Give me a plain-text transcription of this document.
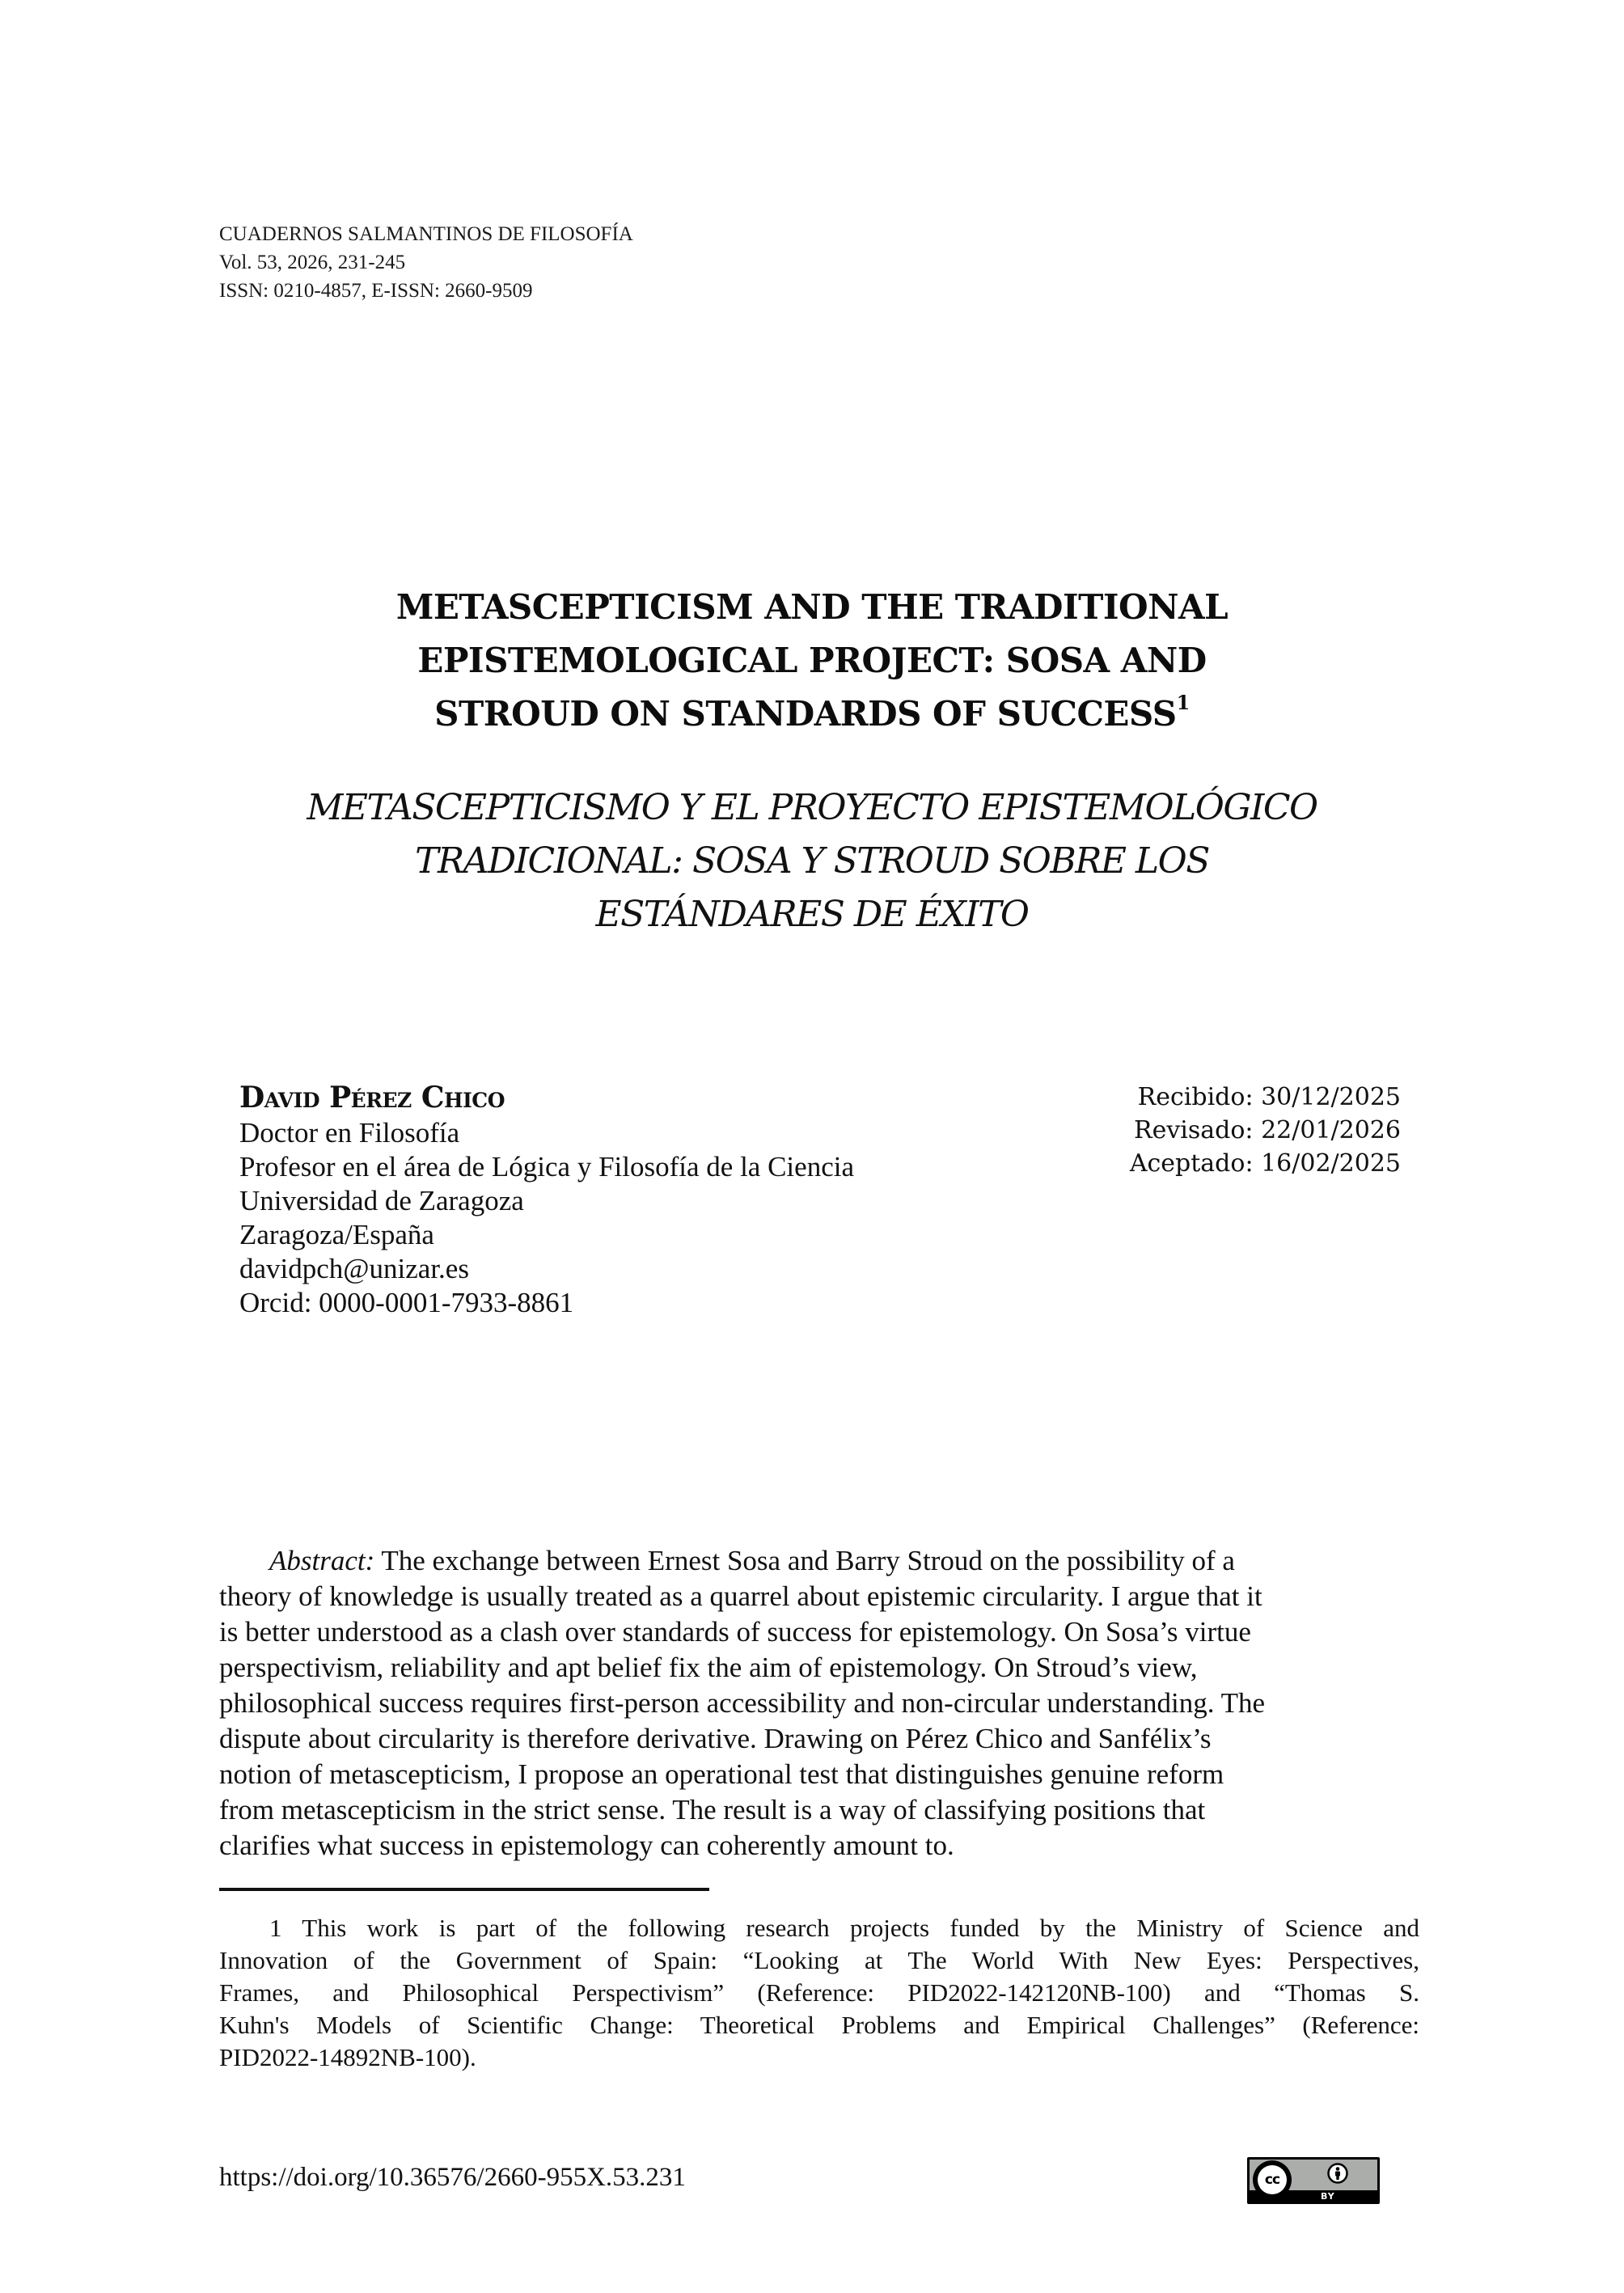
CUADERNOS SALMANTINOS DE FILOSOFÍA
Vol. 53, 2026, 231-245
ISSN: 0210-4857, E-ISSN: 2660-9509
METASCEPTICISM AND THE TRADITIONAL
EPISTEMOLOGICAL PROJECT: SOSA AND
STROUD ON STANDARDS OF SUCCESS$^1$
METASCEPTICISMO Y EL PROYECTO EPISTEMOLÓGICO
TRADICIONAL: SOSA Y STROUD SOBRE LOS
ESTÁNDARES DE ÉXITO
David Pérez Chico
Doctor en Filosofía
Profesor en el área de Lógica y Filosofía de la Ciencia
Universidad de Zaragoza
Zaragoza/España
davidpch@unizar.es
Orcid: 0000-0001-7933-8861
Recibido: 30/12/2025
Revisado: 22/01/2026
Aceptado: 16/02/2025
Abstract: The exchange between Ernest Sosa and Barry Stroud on the possibility of a
theory of knowledge is usually treated as a quarrel about epistemic circularity. I argue that it
is better understood as a clash over standards of success for epistemology. On Sosa’s virtue
perspectivism, reliability and apt belief fix the aim of epistemology. On Stroud’s view,
philosophical success requires first-person accessibility and non-circular understanding. The
dispute about circularity is therefore derivative. Drawing on Pérez Chico and Sanfélix’s
notion of metascepticism, I propose an operational test that distinguishes genuine reform
from metascepticism in the strict sense. The result is a way of classifying positions that
clarifies what success in epistemology can coherently amount to.
1 This work is part of the following research projects funded by the Ministry of Science and
Innovation of the Government of Spain: “Looking at The World With New Eyes: Perspectives,
Frames, and Philosophical Perspectivism” (Reference: PID2022-142120NB-100) and “Thomas S.
Kuhn's Models of Scientific Change: Theoretical Problems and Empirical Challenges” (Reference:
PID2022-14892NB-100).
https://doi.org/10.36576/2660-955X.53.231	cc
BY
